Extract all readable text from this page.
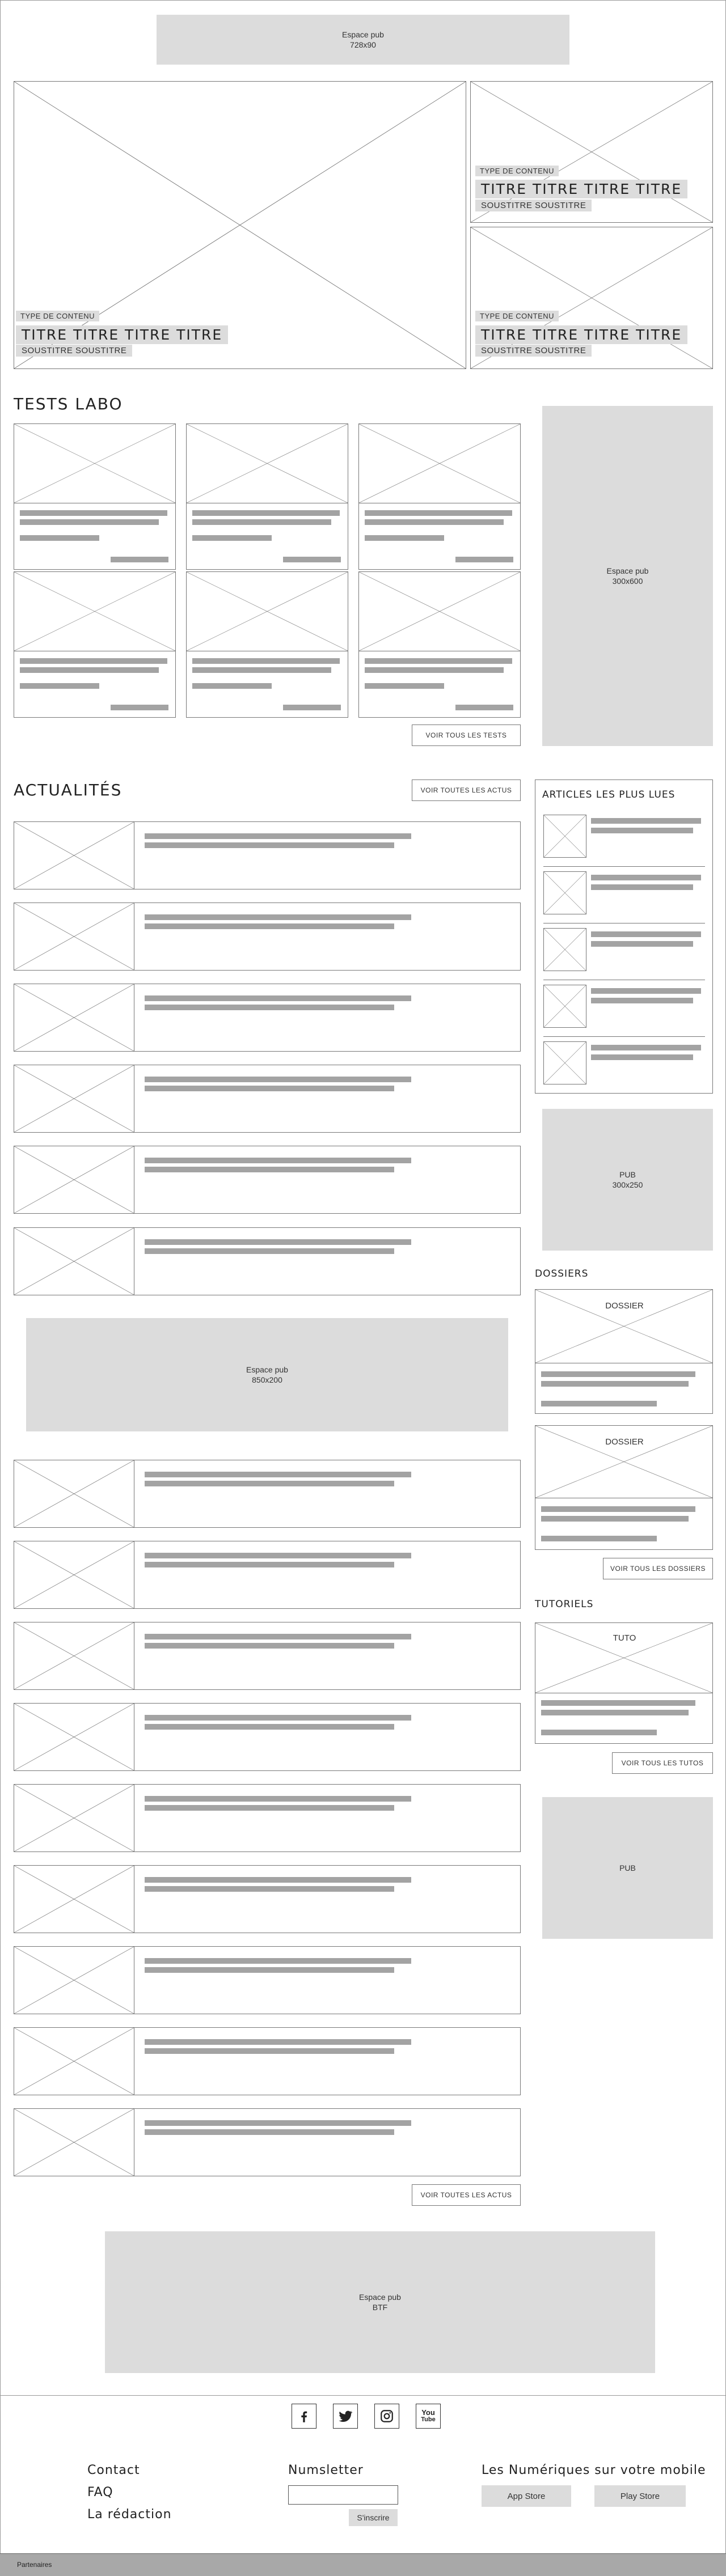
Espace pub
728x90
TYPE DE CONTENU
TITRE TITRE TITRE TITRE
SOUSTITRE SOUSTITRE
TYPE DE CONTENU
TITRE TITRE TITRE TITRE
SOUSTITRE SOUSTITRE
TYPE DE CONTENU
TITRE TITRE TITRE TITRE
SOUSTITRE SOUSTITRE
TESTS LABO
Espace pub
300x600
VOIR TOUS LES TESTS
ACTUALITÉS	VOIR TOUTES LES ACTUS
Espace pub
850x200
VOIR TOUTES LES ACTUS
ARTICLES LES PLUS LUES
PUB
300x250
DOSSIERS
DOSSIER
DOSSIER
VOIR TOUS LES DOSSIERS
TUTORIELS
TUTO
VOIR TOUS LES TUTOS
PUB
Espace pub
BTF
You
Tube
Contact
FAQ
La rédaction
Numsletter
S'inscrire
Les Numériques sur votre mobile
App Store	Play Store
Partenaires
